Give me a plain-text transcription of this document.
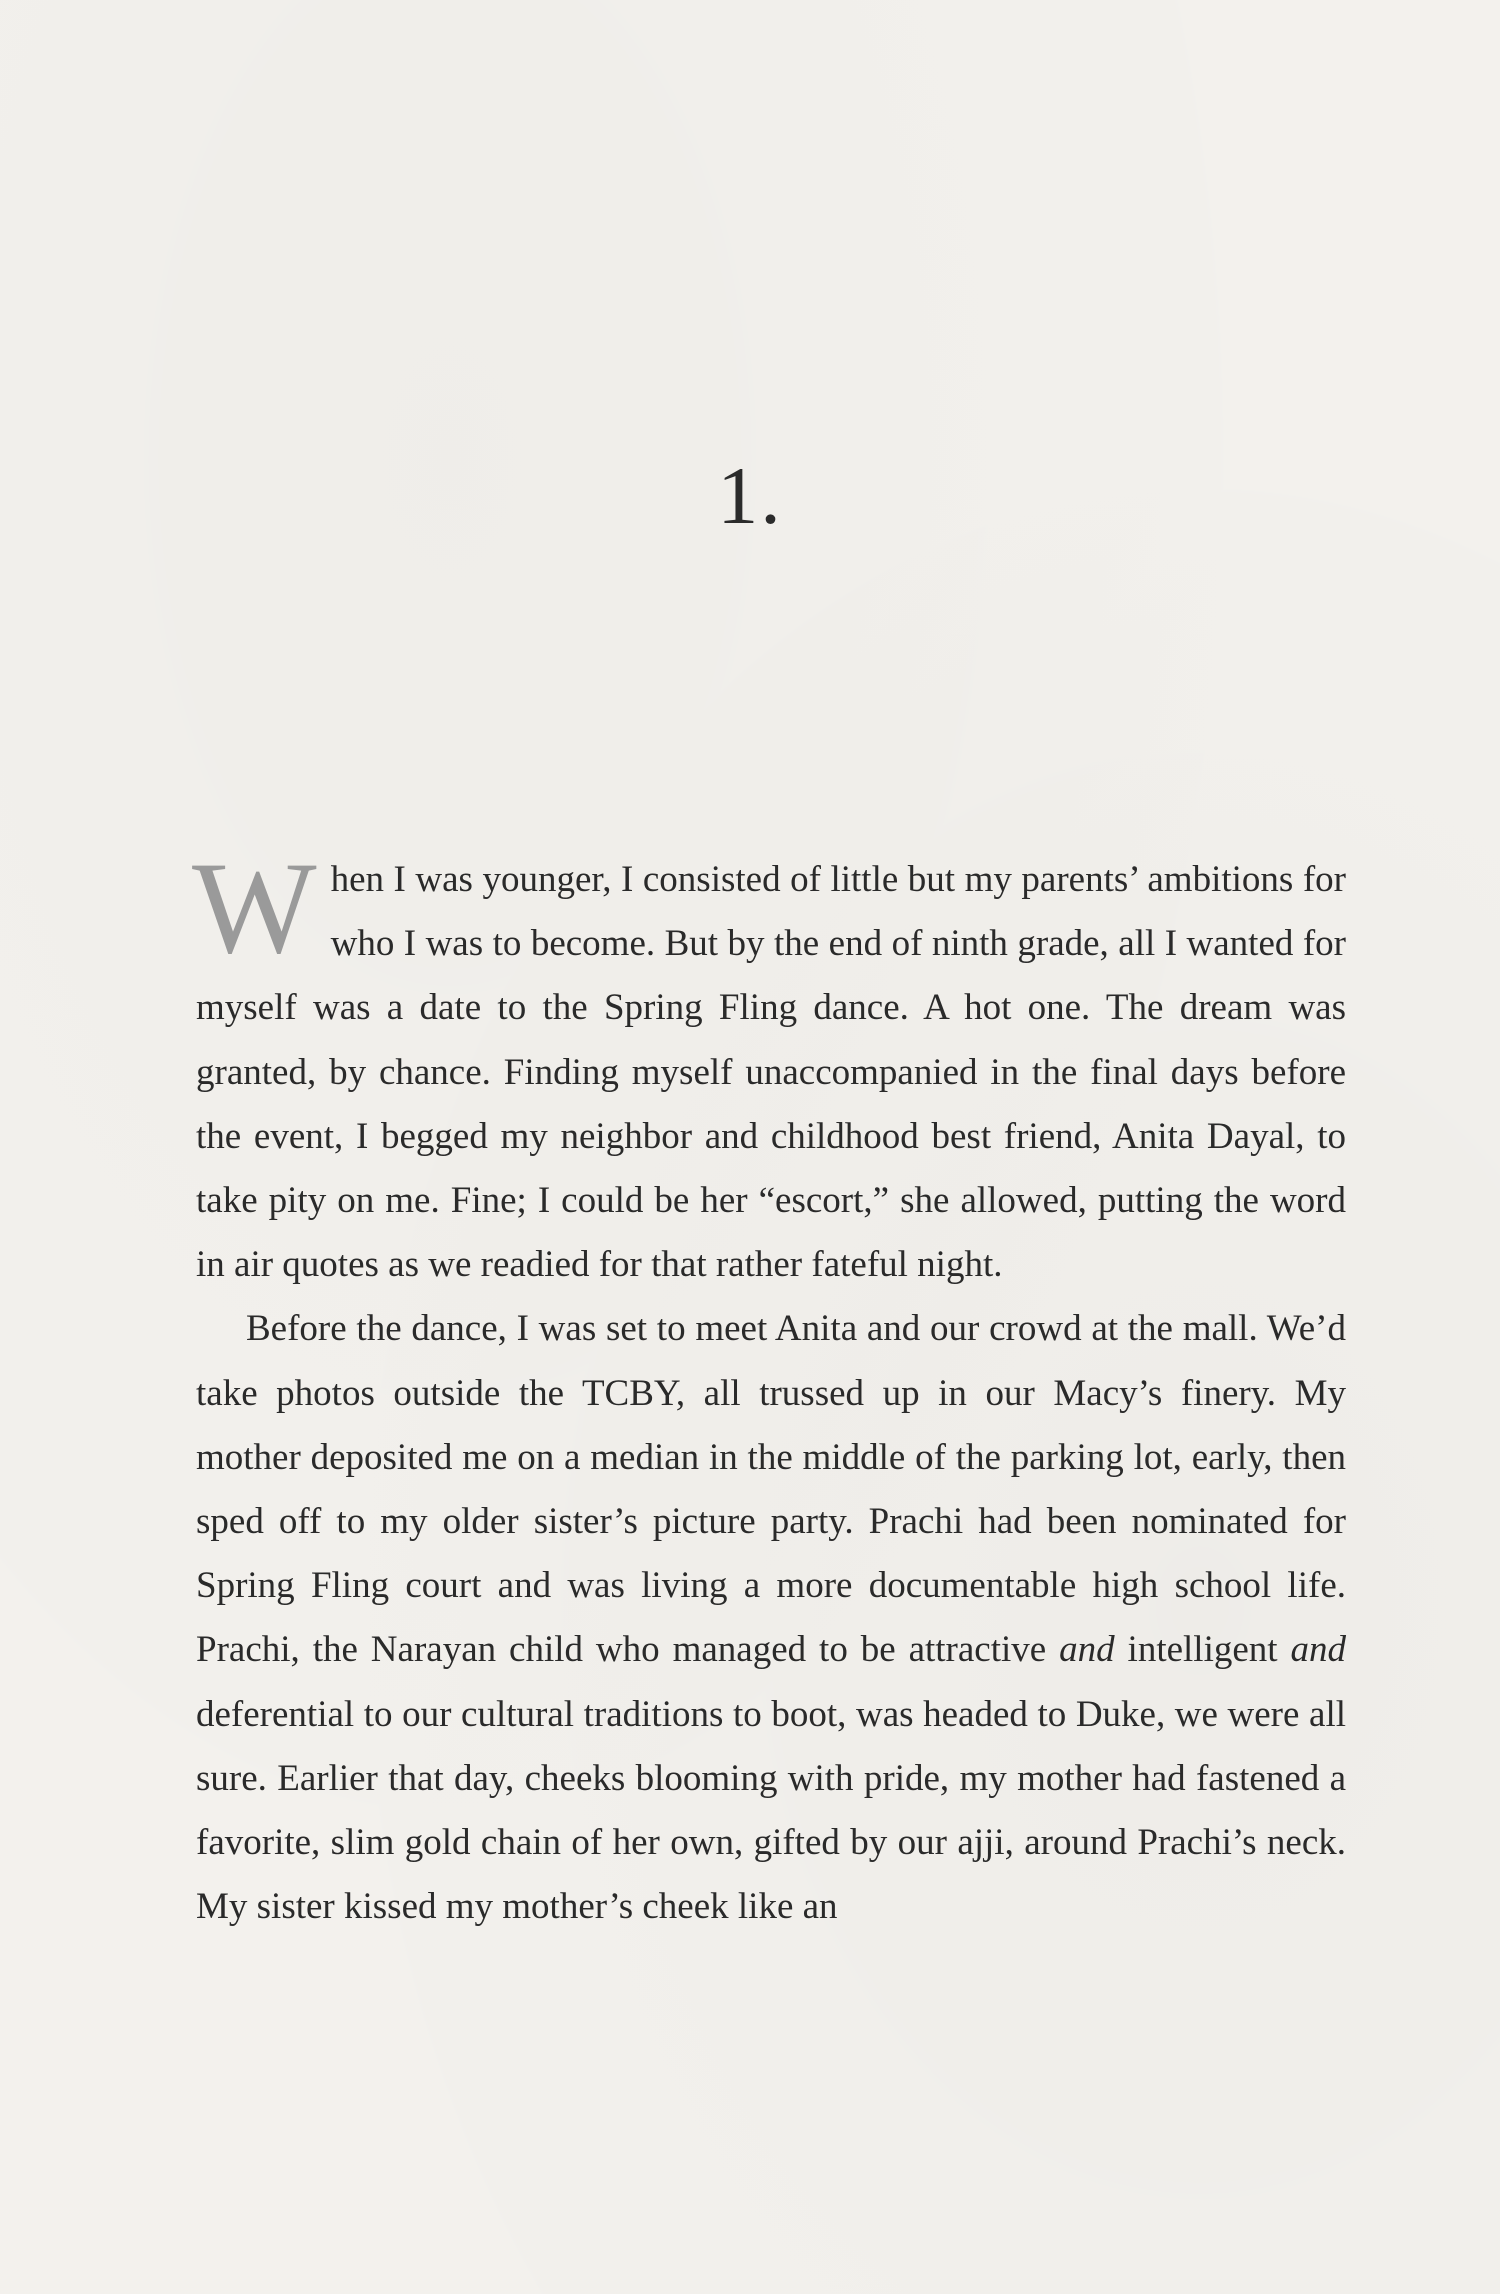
1.

When I was younger, I consisted of little but my parents’ ambitions for who I was to become. But by the end of ninth grade, all I wanted for myself was a date to the Spring Fling dance. A hot one. The dream was granted, by chance. Finding myself unaccompanied in the final days before the event, I begged my neighbor and childhood best friend, Anita Dayal, to take pity on me. Fine; I could be her “escort,” she allowed, putting the word in air quotes as we readied for that rather fateful night.

Before the dance, I was set to meet Anita and our crowd at the mall. We’d take photos outside the TCBY, all trussed up in our Macy’s finery. My mother deposited me on a median in the middle of the parking lot, early, then sped off to my older sister’s picture party. Prachi had been nominated for Spring Fling court and was living a more documentable high school life. Prachi, the Narayan child who managed to be attractive and intelligent and deferential to our cultural traditions to boot, was headed to Duke, we were all sure. Earlier that day, cheeks blooming with pride, my mother had fastened a favorite, slim gold chain of her own, gifted by our ajji, around Prachi’s neck. My sister kissed my mother’s cheek like an
